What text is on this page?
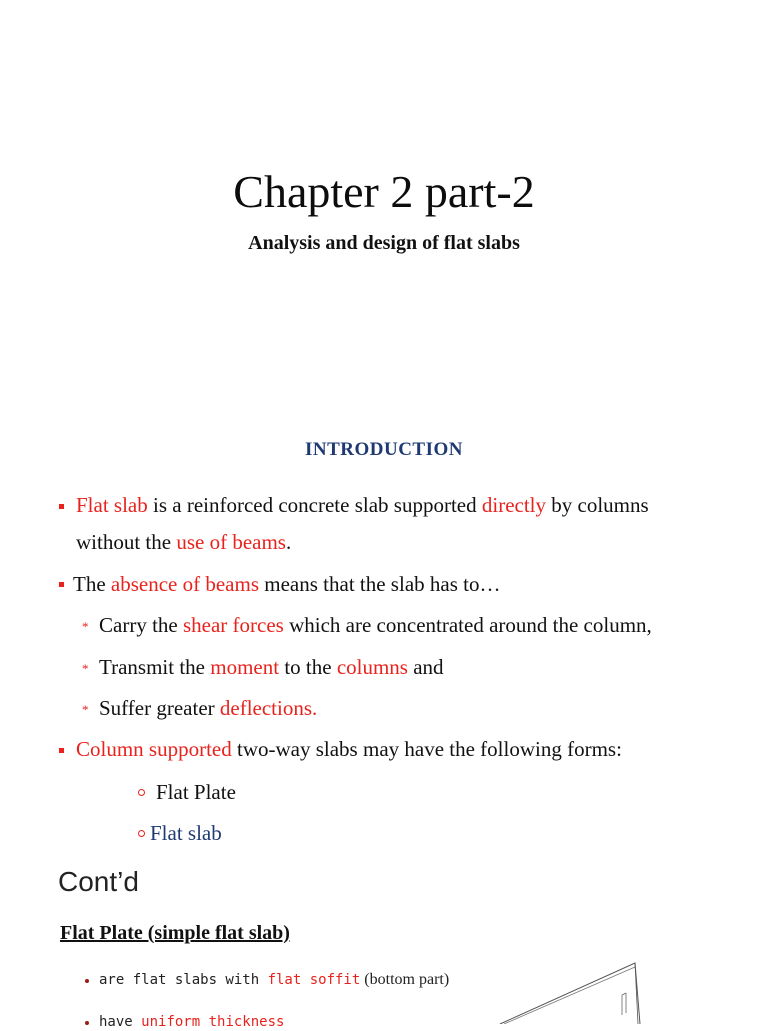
Chapter 2 part-2
Analysis and design of flat slabs
INTRODUCTION
Flat slab is a reinforced concrete slab supported directly by columns
without the use of beams.
The absence of beams means that the slab has to…
* Carry the shear forces which are concentrated around the column,
* Transmit the moment to the columns and
* Suffer greater deflections.
Column supported two-way slabs may have the following forms:
Flat Plate
Flat slab
Cont’d
Flat Plate (simple flat slab)
are flat slabs with flat soffit (bottom part)
have uniform thickness
